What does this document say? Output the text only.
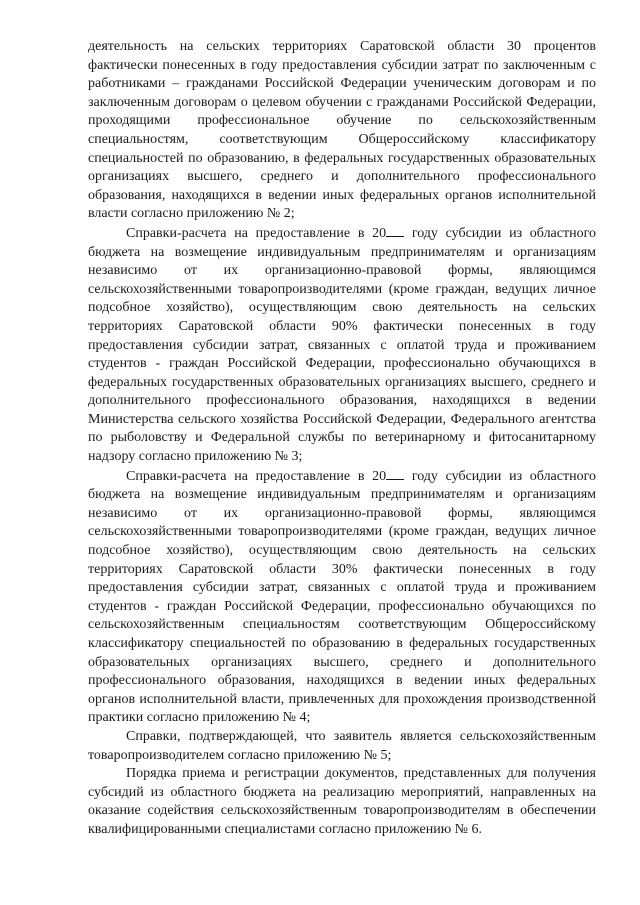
деятельность на сельских территориях Саратовской области 30 процентов фактически понесенных в году предоставления субсидии затрат по заключенным с работниками – гражданами Российской Федерации ученическим договорам и по заключенным договорам о целевом обучении с гражданами Российской Федерации, проходящими профессиональное обучение по сельскохозяйственным специальностям, соответствующим Общероссийскому классификатору специальностей по образованию, в федеральных государственных образовательных организациях высшего, среднего и дополнительного профессионального образования, находящихся в ведении иных федеральных органов исполнительной власти согласно приложению № 2;

Справки-расчета на предоставление в 20 году субсидии из областного бюджета на возмещение индивидуальным предпринимателям и организациям независимо от их организационно-правовой формы, являющимся сельскохозяйственными товаропроизводителями (кроме граждан, ведущих личное подсобное хозяйство), осуществляющим свою деятельность на сельских территориях Саратовской области 90% фактически понесенных в году предоставления субсидии затрат, связанных с оплатой труда и проживанием студентов - граждан Российской Федерации, профессионально обучающихся в федеральных государственных образовательных организациях высшего, среднего и дополнительного профессионального образования, находящихся в ведении Министерства сельского хозяйства Российской Федерации, Федерального агентства по рыболовству и Федеральной службы по ветеринарному и фитосанитарному надзору согласно приложению № 3;

Справки-расчета на предоставление в 20 году субсидии из областного бюджета на возмещение индивидуальным предпринимателям и организациям независимо от их организационно-правовой формы, являющимся сельскохозяйственными товаропроизводителями (кроме граждан, ведущих личное подсобное хозяйство), осуществляющим свою деятельность на сельских территориях Саратовской области 30% фактически понесенных в году предоставления субсидии затрат, связанных с оплатой труда и проживанием студентов - граждан Российской Федерации, профессионально обучающихся по сельскохозяйственным специальностям соответствующим Общероссийскому классификатору специальностей по образованию в федеральных государственных образовательных организациях высшего, среднего и дополнительного профессионального образования, находящихся в ведении иных федеральных органов исполнительной власти, привлеченных для прохождения производственной практики согласно приложению № 4;

Справки, подтверждающей, что заявитель является сельскохозяйственным товаропроизводителем согласно приложению № 5;

Порядка приема и регистрации документов, представленных для получения субсидий из областного бюджета на реализацию мероприятий, направленных на оказание содействия сельскохозяйственным товаропроизводителям в обеспечении квалифицированными специалистами согласно приложению № 6.
